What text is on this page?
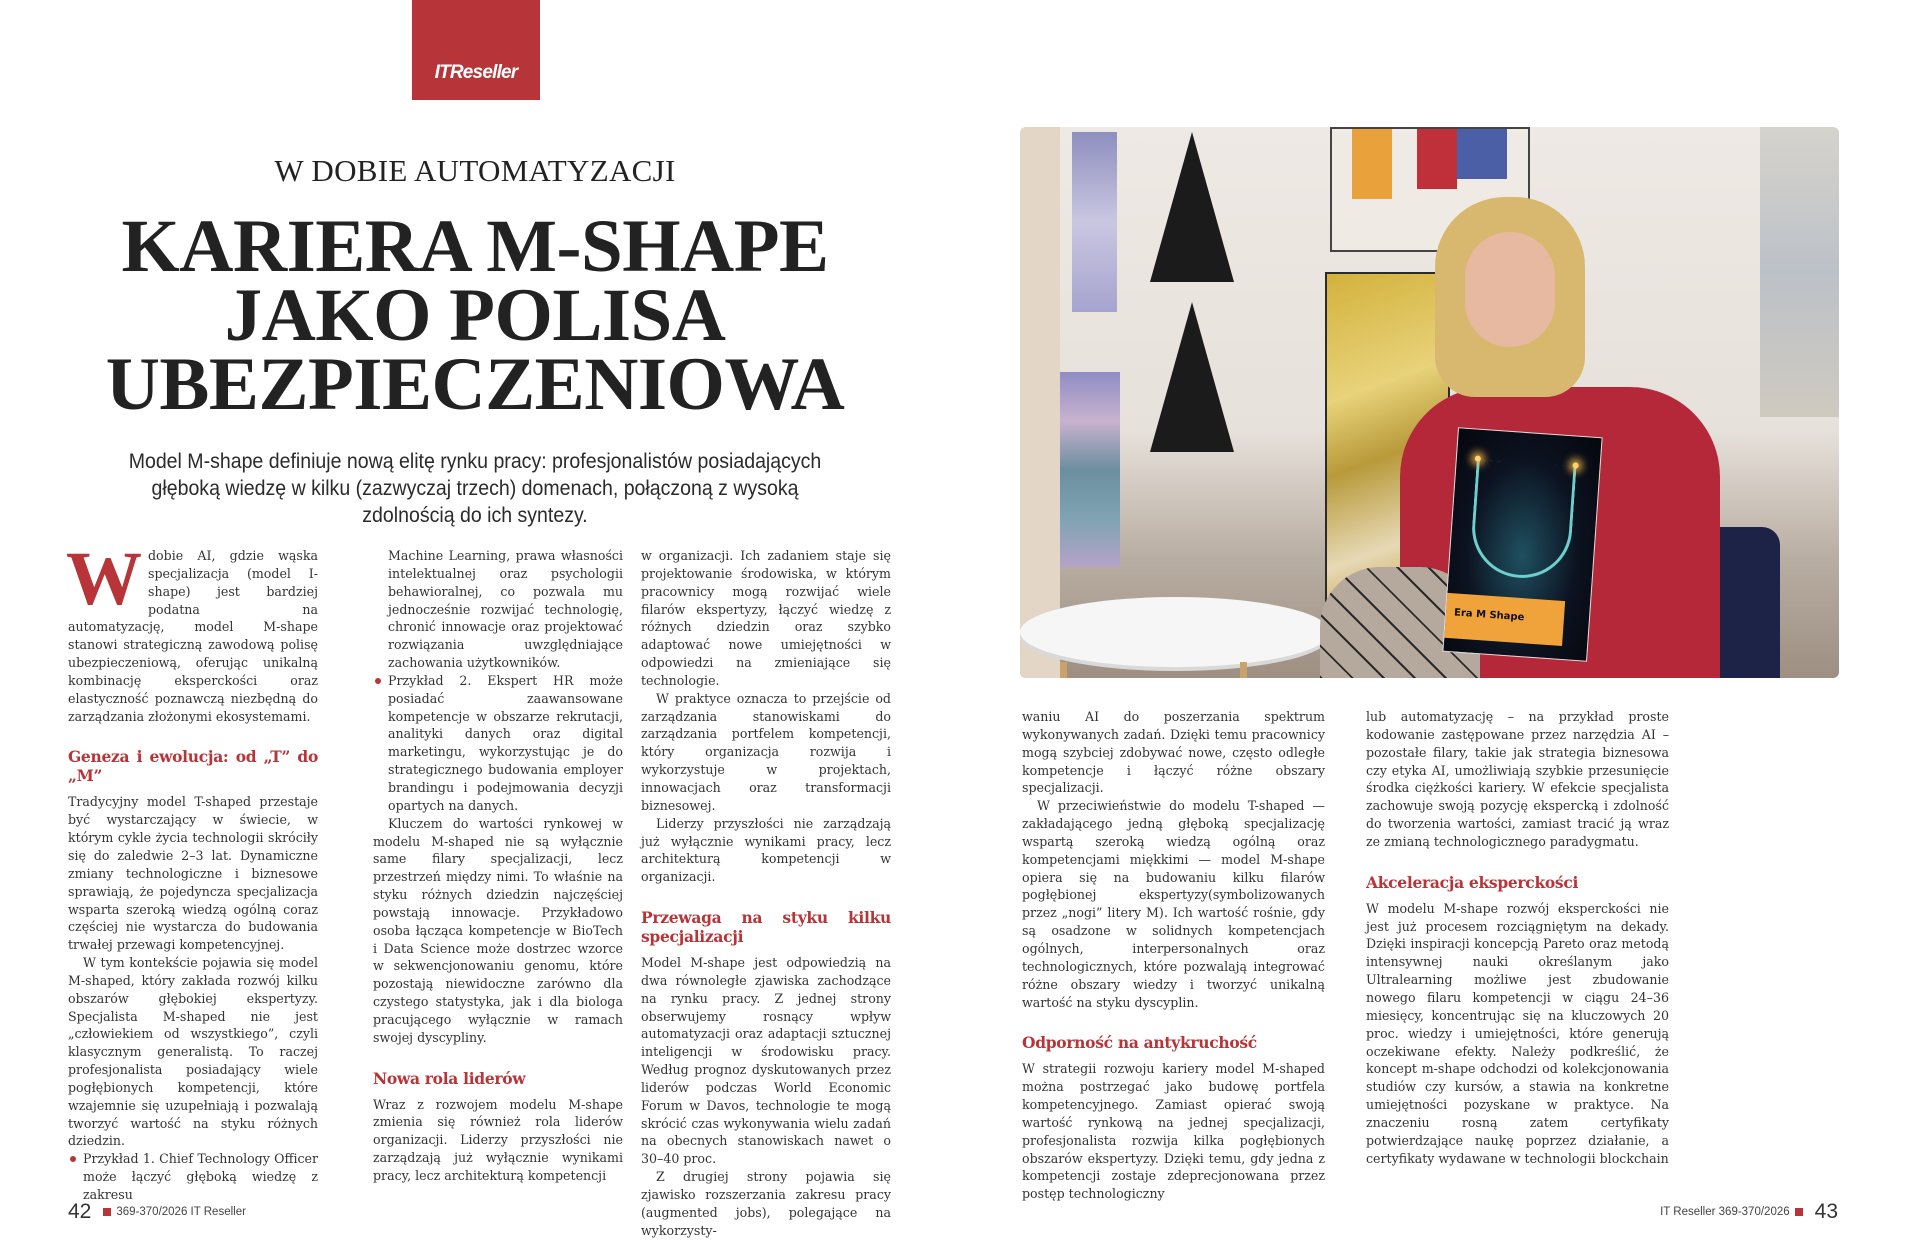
ITReseller
W DOBIE AUTOMATYZACJI
KARIERA M-SHAPE
JAKO POLISA
UBEZPIECZENIOWA
Model M-shape definiuje nową elitę rynku pracy: profesjonalistów posiadających głęboką wiedzę w kilku (zazwyczaj trzech) domenach, połączoną z wysoką zdolnością do ich syntezy.

Wdobie AI, gdzie wąska specjalizacja (model I-shape) jest bardziej podatna na automatyzację, model M-shape stanowi strategiczną zawodową polisę ubezpieczeniową, oferując unikalną kombinację eksperckości oraz elastyczność poznawczą niezbędną do zarządzania złożonymi ekosystemami.

Geneza i ewolucja: od „T” do „M”

Tradycyjny model T-shaped przestaje być wystarczający w świecie, w którym cykle życia technologii skróciły się do zaledwie 2–3 lat. Dynamiczne zmiany technologiczne i biznesowe sprawiają, że pojedyncza specjalizacja wsparta szeroką wiedzą ogólną coraz częściej nie wystarcza do budowania trwałej przewagi kompetencyjnej.

W tym kontekście pojawia się model M-shaped, który zakłada rozwój kilku obszarów głębokiej ekspertyzy. Specjalista M-shaped nie jest „człowiekiem od wszystkiego”, czyli klasycznym generalistą. To raczej profesjonalista posiadający wiele pogłębionych kompetencji, które wzajemnie się uzupełniają i pozwalają tworzyć wartość na styku różnych dziedzin.

Przykład 1. Chief Technology Officer może łączyć głęboką wiedzę z zakresu

Machine Learning, prawa własności intelektualnej oraz psychologii behawioralnej, co pozwala mu jednocześnie rozwijać technologię, chronić innowacje oraz projektować rozwiązania uwzględniające zachowania użytkowników.

Przykład 2. Ekspert HR może posiadać zaawansowane kompetencje w obszarze rekrutacji, analityki danych oraz digital marketingu, wykorzystując je do strategicznego budowania employer brandingu i podejmowania decyzji opartych na danych.

Kluczem do wartości rynkowej w modelu M-shaped nie są wyłącznie same filary specjalizacji, lecz przestrzeń między nimi. To właśnie na styku różnych dziedzin najczęściej powstają innowacje. Przykładowo osoba łącząca kompetencje w BioTech i Data Science może dostrzec wzorce w sekwencjonowaniu genomu, które pozostają niewidoczne zarówno dla czystego statystyka, jak i dla biologa pracującego wyłącznie w ramach swojej dyscypliny.

Nowa rola liderów

Wraz z rozwojem modelu M-shape zmienia się również rola liderów organizacji. Liderzy przyszłości nie zarządzają już wyłącznie wynikami pracy, lecz architekturą kompetencji

w organizacji. Ich zadaniem staje się projektowanie środowiska, w którym pracownicy mogą rozwijać wiele filarów ekspertyzy, łączyć wiedzę z różnych dziedzin oraz szybko adaptować nowe umiejętności w odpowiedzi na zmieniające się technologie.

W praktyce oznacza to przejście od zarządzania stanowiskami do zarządzania portfelem kompetencji, który organizacja rozwija i wykorzystuje w projektach, innowacjach oraz transformacji biznesowej.

Liderzy przyszłości nie zarządzają już wyłącznie wynikami pracy, lecz architekturą kompetencji w organizacji.

Przewaga na styku kilku specjalizacji

Model M-shape jest odpowiedzią na dwa równoległe zjawiska zachodzące na rynku pracy. Z jednej strony obserwujemy rosnący wpływ automatyzacji oraz adaptacji sztucznej inteligencji w środowisku pracy. Według prognoz dyskutowanych przez liderów podczas World Economic Forum w Davos, technologie te mogą skrócić czas wykonywania wielu zadań na obecnych stanowiskach nawet o 30–40 proc.

Z drugiej strony pojawia się zjawisko rozszerzania zakresu pracy (augmented jobs), polegające na wykorzysty-

Era M Shape

waniu AI do poszerzania spektrum wykonywanych zadań. Dzięki temu pracownicy mogą szybciej zdobywać nowe, często odległe kompetencje i łączyć różne obszary specjalizacji.

W przeciwieństwie do modelu T-shaped — zakładającego jedną głęboką specjalizację wspartą szeroką wiedzą ogólną oraz kompetencjami miękkimi — model M-shape opiera się na budowaniu kilku filarów pogłębionej ekspertyzy(symbolizowanych przez „nogi” litery M). Ich wartość rośnie, gdy są osadzone w solidnych kompetencjach ogólnych, interpersonalnych oraz technologicznych, które pozwalają integrować różne obszary wiedzy i tworzyć unikalną wartość na styku dyscyplin.

Odporność na antykruchość

W strategii rozwoju kariery model M-shaped można postrzegać jako budowę portfela kompetencyjnego. Zamiast opierać swoją wartość rynkową na jednej specjalizacji, profesjonalista rozwija kilka pogłębionych obszarów ekspertyzy. Dzięki temu, gdy jedna z kompetencji zostaje zdeprecjonowana przez postęp technologiczny

lub automatyzację – na przykład proste kodowanie zastępowane przez narzędzia AI – pozostałe filary, takie jak strategia biznesowa czy etyka AI, umożliwiają szybkie przesunięcie środka ciężkości kariery. W efekcie specjalista zachowuje swoją pozycję ekspercką i zdolność do tworzenia wartości, zamiast tracić ją wraz ze zmianą technologicznego paradygmatu.

Akceleracja eksperckości

W modelu M-shape rozwój eksperckości nie jest już procesem rozciągniętym na dekady. Dzięki inspiracji koncepcją Pareto oraz metodą intensywnej nauki określanym jako Ultralearning możliwe jest zbudowanie nowego filaru kompetencji w ciągu 24–36 miesięcy, koncentrując się na kluczowych 20 proc. wiedzy i umiejętności, które generują oczekiwane efekty. Należy podkreślić, że koncept m-shape odchodzi od kolekcjonowania studiów czy kursów, a stawia na konkretne umiejętności pozyskane w praktyce. Na znaczeniu rosną zatem certyfikaty potwierdzające naukę poprzez działanie, a certyfikaty wydawane w technologii blockchain

42 369-370/2026 IT Reseller	IT Reseller 369-370/2026 43
